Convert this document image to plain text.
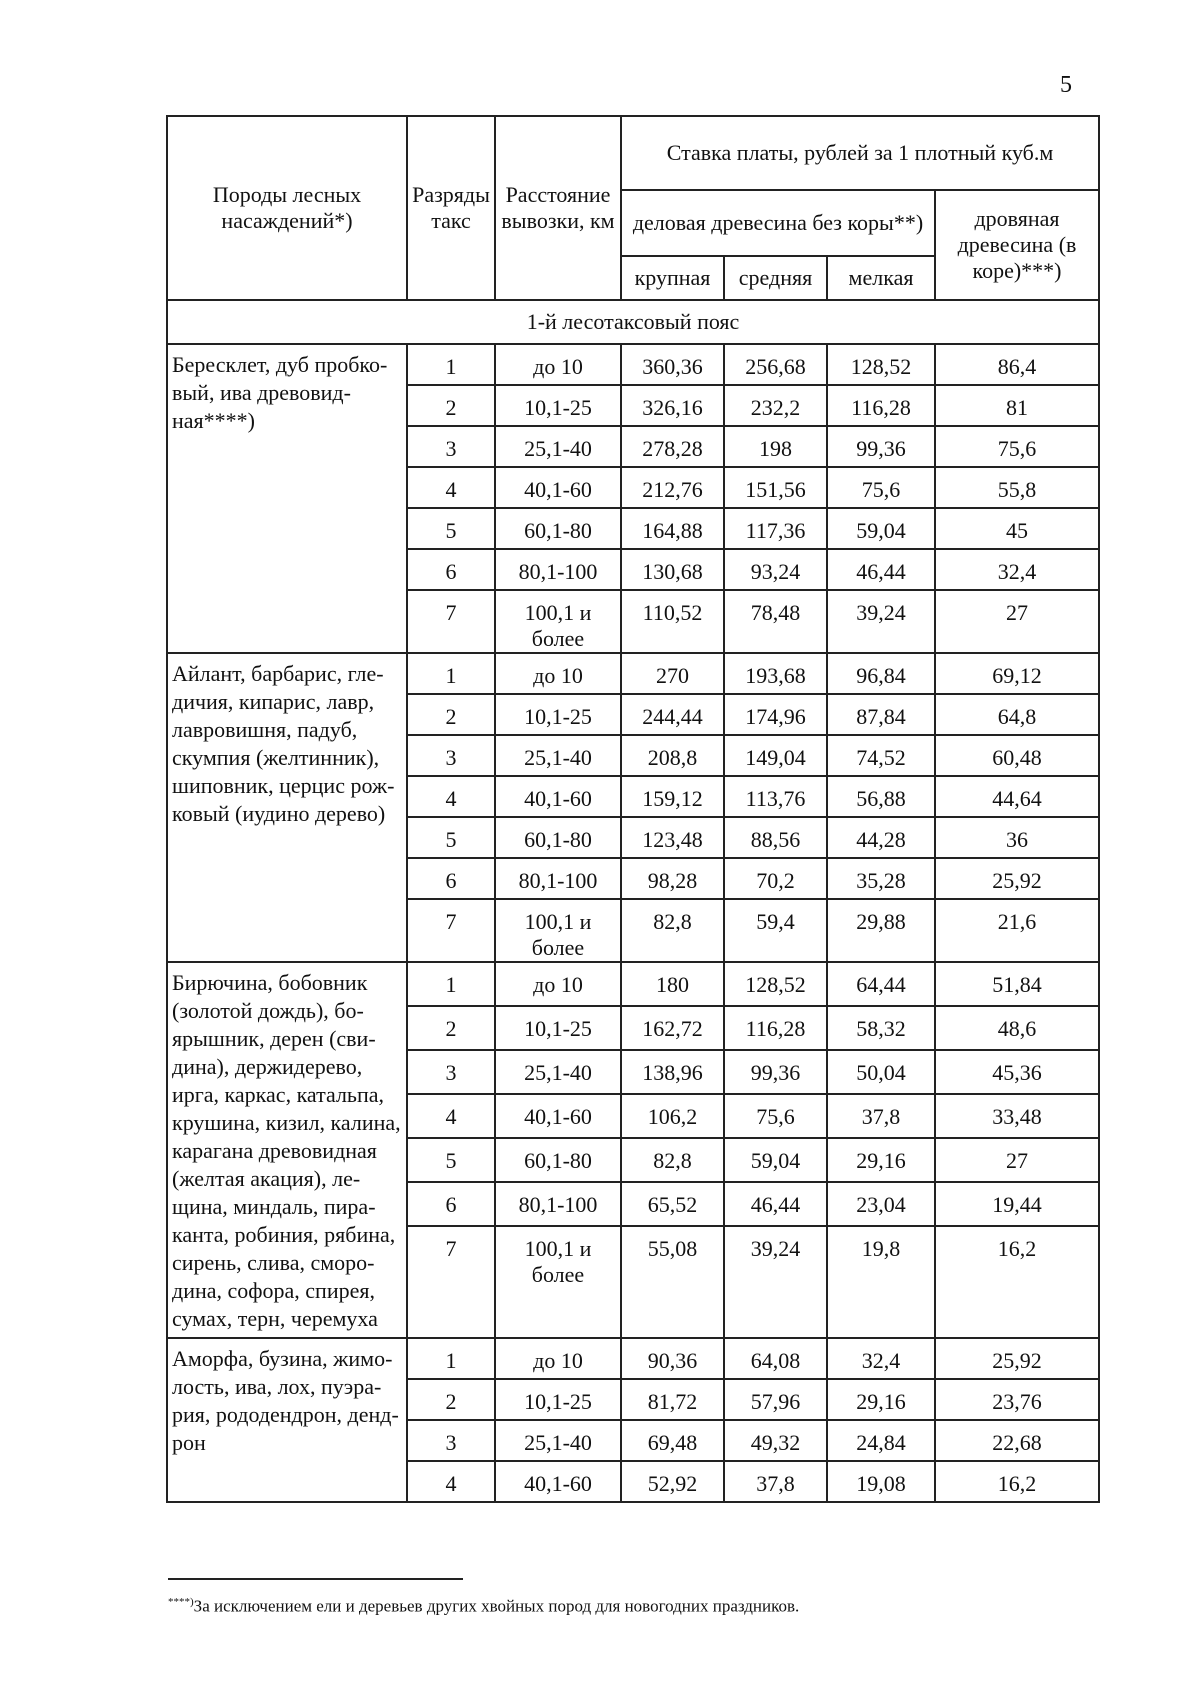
5
Породы лесных насаждений*)	Разряды такс	Расстояние вывозки, км	Ставка платы, рублей за 1 плотный куб.м			
			деловая древесина без коры**)			дровяная древесина (в коре)***)
			крупная	средняя	мелкая	
1-й лесотаксовый пояс						

Бересклет, дуб пробко-вый, ива древовид-ная****)	1	до 10	360,36	256,68	128,52	86,4
	2	10,1-25	326,16	232,2	116,28	81
	3	25,1-40	278,28	198	99,36	75,6
	4	40,1-60	212,76	151,56	75,6	55,8
	5	60,1-80	164,88	117,36	59,04	45
	6	80,1-100	130,68	93,24	46,44	32,4
	7	100,1 и более	110,52	78,48	39,24	27

Айлант, барбарис, гле-дичия, кипарис, лавр, лавровишня, падуб, скумпия (желтинник), шиповник, церцис рож-ковый (иудино дерево)	1	до 10	270	193,68	96,84	69,12
	2	10,1-25	244,44	174,96	87,84	64,8
	3	25,1-40	208,8	149,04	74,52	60,48
	4	40,1-60	159,12	113,76	56,88	44,64
	5	60,1-80	123,48	88,56	44,28	36
	6	80,1-100	98,28	70,2	35,28	25,92
	7	100,1 и более	82,8	59,4	29,88	21,6

Бирючина, бобовник (золотой дождь), бо-ярышник, дерен (сви-дина), держидерево, ирга, каркас, катальпа, крушина, кизил, калина, карагана древовидная (желтая акация), ле-щина, миндаль, пира-канта, робиния, рябина, сирень, слива, сморо-дина, софора, спирея, сумах, терн, черемуха	1	до 10	180	128,52	64,44	51,84
	2	10,1-25	162,72	116,28	58,32	48,6
	3	25,1-40	138,96	99,36	50,04	45,36
	4	40,1-60	106,2	75,6	37,8	33,48
	5	60,1-80	82,8	59,04	29,16	27
	6	80,1-100	65,52	46,44	23,04	19,44
	7	100,1 и более	55,08	39,24	19,8	16,2

Аморфа, бузина, жимо-лость, ива, лох, пуэра-рия, рододендрон, денд-рон	1	до 10	90,36	64,08	32,4	25,92
	2	10,1-25	81,72	57,96	29,16	23,76
	3	25,1-40	69,48	49,32	24,84	22,68
	4	40,1-60	52,92	37,8	19,08	16,2
****)За исключением ели и деревьев других хвойных пород для новогодних праздников.
